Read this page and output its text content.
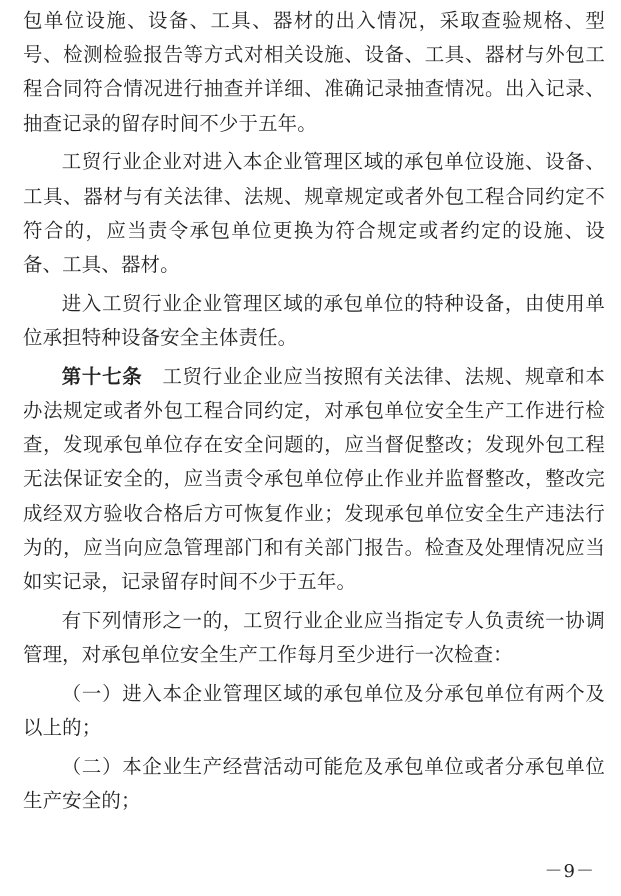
包单位设施、设备、工具、器材的出入情况，采取查验规格、型号、检测检验报告等方式对相关设施、设备、工具、器材与外包工程合同符合情况进行抽查并详细、准确记录抽查情况。出入记录、抽查记录的留存时间不少于五年。

工贸行业企业对进入本企业管理区域的承包单位设施、设备、工具、器材与有关法律、法规、规章规定或者外包工程合同约定不符合的，应当责令承包单位更换为符合规定或者约定的设施、设备、工具、器材。

进入工贸行业企业管理区域的承包单位的特种设备，由使用单位承担特种设备安全主体责任。

第十七条　工贸行业企业应当按照有关法律、法规、规章和本办法规定或者外包工程合同约定，对承包单位安全生产工作进行检查，发现承包单位存在安全问题的，应当督促整改；发现外包工程无法保证安全的，应当责令承包单位停止作业并监督整改，整改完成经双方验收合格后方可恢复作业；发现承包单位安全生产违法行为的，应当向应急管理部门和有关部门报告。检查及处理情况应当如实记录，记录留存时间不少于五年。

有下列情形之一的，工贸行业企业应当指定专人负责统一协调管理，对承包单位安全生产工作每月至少进行一次检查：

（一）进入本企业管理区域的承包单位及分承包单位有两个及以上的；

（二）本企业生产经营活动可能危及承包单位或者分承包单位生产安全的；

－9－
